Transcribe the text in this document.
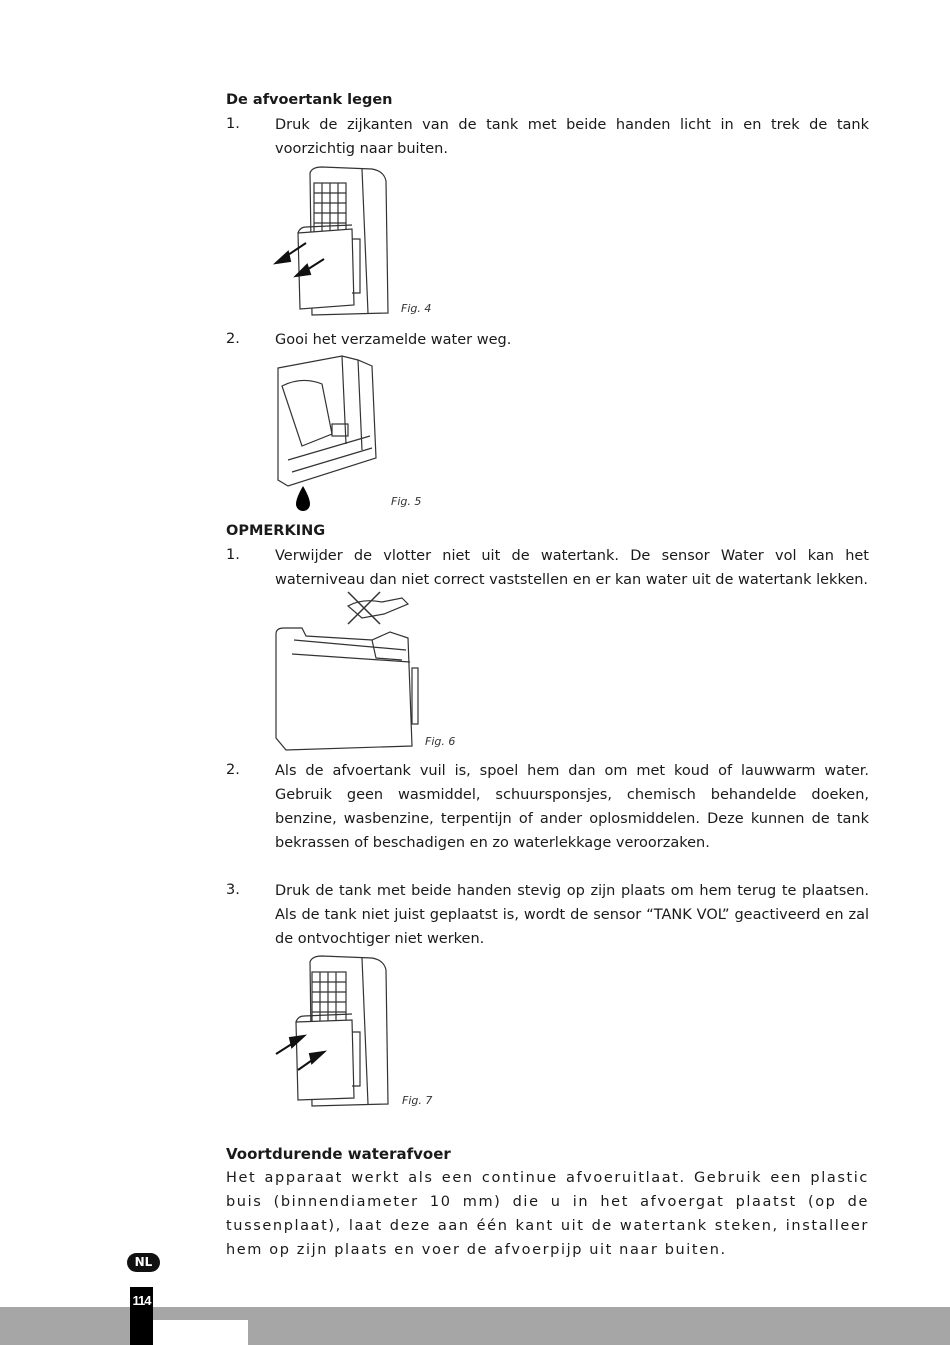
De afvoertank legen
1. Druk de zijkanten van de tank met beide handen licht in en trek de tank voorzichtig naar buiten.
Fig. 4
2. Gooi het verzamelde water weg.
Fig. 5
OPMERKING
1. Verwijder de vlotter niet uit de watertank. De sensor Water vol kan het waterniveau dan niet correct vaststellen en er kan water uit de watertank lekken.
Fig. 6
2. Als de afvoertank vuil is, spoel hem dan om met koud of lauwwarm water. Gebruik geen wasmiddel, schuursponsjes, chemisch behandelde doeken, benzine, wasbenzine, terpentijn of ander oplosmiddelen. Deze kunnen de tank bekrassen of beschadigen en zo waterlekkage veroorzaken.
3. Druk de tank met beide handen stevig op zijn plaats om hem terug te plaatsen. Als de tank niet juist geplaatst is, wordt de sensor “TANK VOL” geactiveerd en zal de ontvochtiger niet werken.
Fig. 7
Voortdurende waterafvoer
Het apparaat werkt als een continue afvoeruitlaat. Gebruik een plastic buis (binnendiameter 10 mm) die u in het afvoergat plaatst (op de tussenplaat), laat deze aan één kant uit de watertank steken, installeer hem op zijn plaats en voer de afvoerpijp uit naar buiten.
NL
114
